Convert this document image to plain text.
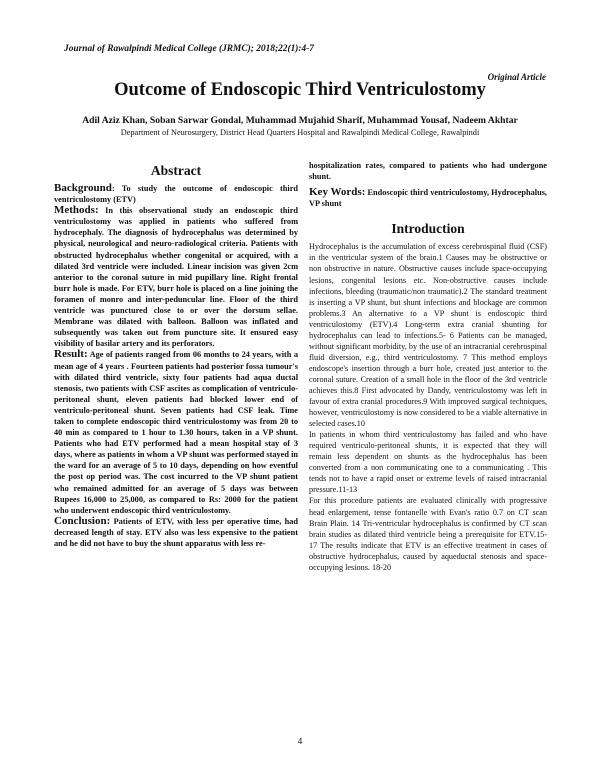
Journal of Rawalpindi Medical College (JRMC); 2018;22(1):4-7
Original Article
Outcome of Endoscopic Third Ventriculostomy
Adil Aziz Khan, Soban Sarwar Gondal, Muhammad Mujahid Sharif, Muhammad Yousaf, Nadeem Akhtar
Department of Neurosurgery, District Head Quarters Hospital and Rawalpindi Medical College, Rawalpindi
Abstract

Background: To study the outcome of endoscopic third ventriculostomy (ETV)

Methods: In this observational study an endoscopic third ventriculostomy was applied in patients who suffered from hydrocephaly. The diagnosis of hydrocephalus was determined by physical, neurological and neuro-radiological criteria. Patients with obstructed hydrocephalus whether congenital or acquired, with a dilated 3rd ventricle were included. Linear incision was given 2cm anterior to the coronal suture in mid pupillary line. Right frontal burr hole is made. For ETV, burr hole is placed on a line joining the foramen of monro and inter-peduncular line. Floor of the third ventricle was punctured close to or over the dorsum sellae. Membrane was dilated with balloon. Balloon was inflated and subsequently was taken out from puncture site. It ensured easy visibility of basilar artery and its perforators.

Result: Age of patients ranged from 06 months to 24 years, with a mean age of 4 years . Fourteen patients had posterior fossa tumour's with dilated third ventricle, sixty four patients had aqua ductal stenosis, two patients with CSF ascites as complication of ventriculo-peritoneal shunt, eleven patients had blocked lower end of ventriculo-peritoneal shunt. Seven patients had CSF leak. Time taken to complete endoscopic third ventriculostomy was from 20 to 40 min as compared to 1 hour to 1.30 hours, taken in a VP shunt. Patients who had ETV performed had a mean hospital stay of 3 days, where as patients in whom a VP shunt was performed stayed in the ward for an average of 5 to 10 days, depending on how eventful the post op period was. The cost incurred to the VP shunt patient who remained admitted for an average of 5 days was between Rupees 16,000 to 25,000, as compared to Rs: 2000 for the patient who underwent endoscopic third ventriculostomy.

Conclusion: Patients of ETV, with less per operative time, had decreased length of stay. ETV also was less expensive to the patient and he did not have to buy the shunt apparatus with less re-

hospitalization rates, compared to patients who had undergone shunt.

Key Words: Endoscopic third ventriculostomy, Hydrocephalus, VP shunt

Introduction

Hydrocephalus is the accumulation of excess cerebrospinal fluid (CSF) in the ventricular system of the brain.1 Causes may be obstructive or non obstructive in nature. Obstructive causes include space-occupying lesions, congenital lesions etc. Non-obstructive causes include infections, bleeding (traumatic/non traumatic).2 The standard treatment is inserting a VP shunt, but shunt infections and blockage are common problems.3 An alternative to a VP shunt is endoscopic third ventriculostomy (ETV).4 Long-term extra cranial shunting for hydrocephalus can lead to infections.5- 6 Patients can be managed, without significant morbidity, by the use of an intracranial cerebrospinal fluid diversion, e.g., third ventriculostomy. 7 This method employs endoscope's insertion through a burr hole, created just anterior to the coronal suture. Creation of a small hole in the floor of the 3rd ventricle achieves this.8 First advocated by Dandy, ventriculostomy was left in favour of extra cranial procedures.9 With improved surgical techniques, however, ventriculostomy is now considered to be a viable alternative in selected cases.10

In patients in whom third ventriculostomy has failed and who have required ventriculo-peritoneal shunts, it is expected that they will remain less dependent on shunts as the hydrocephalus has been converted from a non communicating one to a communicating . This tends not to have a rapid onset or extreme levels of raised intracranial pressure.11-13

For this procedure patients are evaluated clinically with progressive head enlargement, tense fontanelle with Evan's ratio 0.7 on CT scan Brain Plain. 14 Tri-ventricular hydrocephalus is confirmed by CT scan brain studies as dilated third ventricle being a prerequisite for ETV.15-17 The results indicate that ETV is an effective treatment in cases of obstructive hydrocephalus, caused by aqueductal stenosis and space-occupying lesions. 18-20

4
